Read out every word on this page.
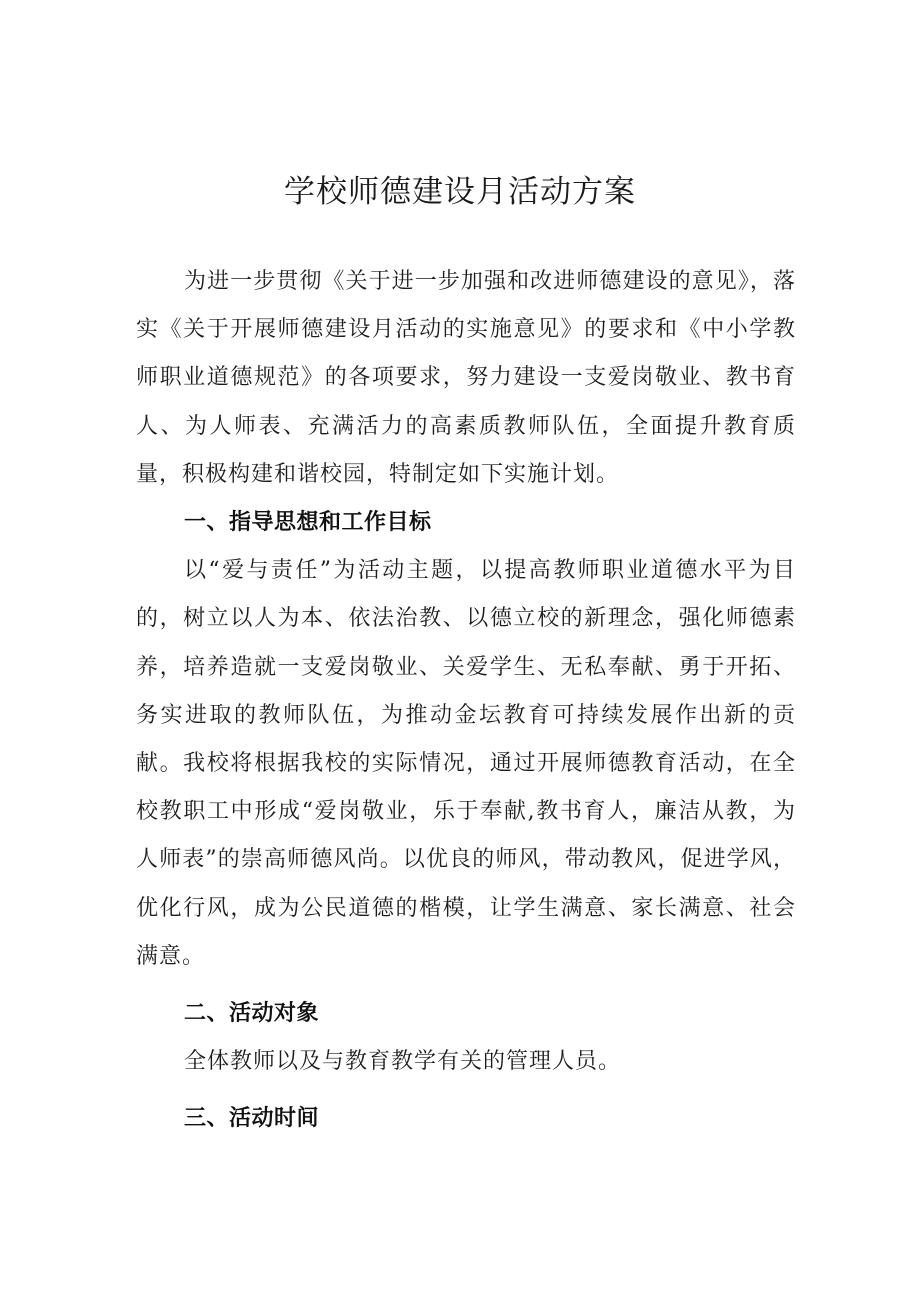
学校师德建设月活动方案

为进一步贯彻《关于进一步加强和改进师德建设的意见》，落实《关于开展师德建设月活动的实施意见》的要求和《中小学教师职业道德规范》的各项要求，努力建设一支爱岗敬业、教书育人、为人师表、充满活力的高素质教师队伍，全面提升教育质量，积极构建和谐校园，特制定如下实施计划。

一、指导思想和工作目标

以“爱与责任”为活动主题，以提高教师职业道德水平为目的，树立以人为本、依法治教、以德立校的新理念，强化师德素养，培养造就一支爱岗敬业、关爱学生、无私奉献、勇于开拓、务实进取的教师队伍，为推动金坛教育可持续发展作出新的贡献。我校将根据我校的实际情况，通过开展师德教育活动，在全校教职工中形成“爱岗敬业，乐于奉献,教书育人，廉洁从教，为人师表”的崇高师德风尚。以优良的师风，带动教风，促进学风，优化行风，成为公民道德的楷模，让学生满意、家长满意、社会满意。

二、活动对象

全体教师以及与教育教学有关的管理人员。

三、活动时间
